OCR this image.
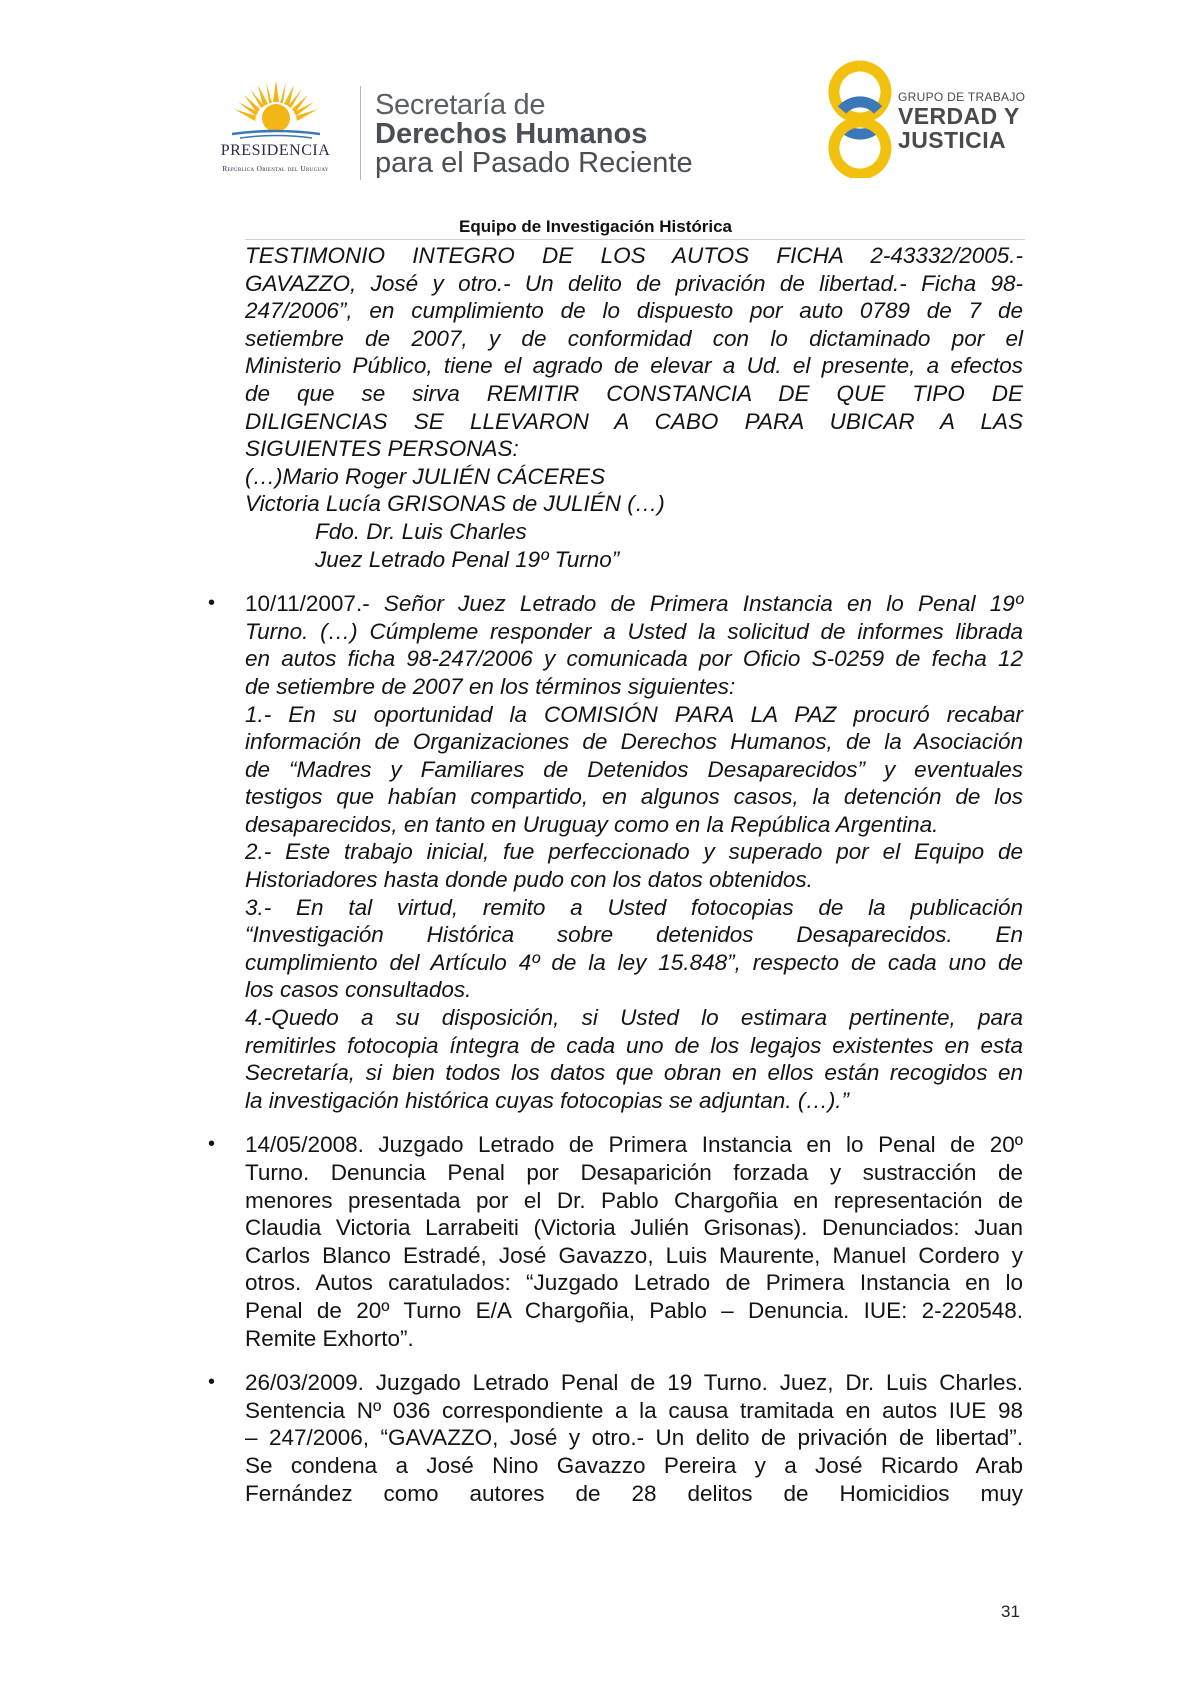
PRESIDENCIA
República Oriental del Uruguay
Secretaría de
Derechos Humanos
para el Pasado Reciente
GRUPO DE TRABAJO
VERDAD Y
JUSTICIA
Equipo de Investigación Histórica
TESTIMONIO INTEGRO DE LOS AUTOS FICHA 2-43332/2005.-
GAVAZZO, José y otro.- Un delito de privación de libertad.- Ficha 98-
247/2006”, en cumplimiento de lo dispuesto por auto 0789 de 7 de
setiembre de 2007, y de conformidad con lo dictaminado por el
Ministerio Público, tiene el agrado de elevar a Ud. el presente, a efectos
de que se sirva REMITIR CONSTANCIA DE QUE TIPO DE
DILIGENCIAS SE LLEVARON A CABO PARA UBICAR A LAS
SIGUIENTES PERSONAS:
(…)Mario Roger JULIÉN CÁCERES
Victoria Lucía GRISONAS de JULIÉN (…)
Fdo. Dr. Luis Charles
Juez Letrado Penal 19º Turno”
• 10/11/2007.- Señor Juez Letrado de Primera Instancia en lo Penal 19º
Turno. (…) Cúmpleme responder a Usted la solicitud de informes librada
en autos ficha 98-247/2006 y comunicada por Oficio S-0259 de fecha 12
de setiembre de 2007 en los términos siguientes:
1.- En su oportunidad la COMISIÓN PARA LA PAZ procuró recabar
información de Organizaciones de Derechos Humanos, de la Asociación
de “Madres y Familiares de Detenidos Desaparecidos” y eventuales
testigos que habían compartido, en algunos casos, la detención de los
desaparecidos, en tanto en Uruguay como en la República Argentina.
2.- Este trabajo inicial, fue perfeccionado y superado por el Equipo de
Historiadores hasta donde pudo con los datos obtenidos.
3.- En tal virtud, remito a Usted fotocopias de la publicación
“Investigación Histórica sobre detenidos Desaparecidos. En
cumplimiento del Artículo 4º de la ley 15.848”, respecto de cada uno de
los casos consultados.
4.-Quedo a su disposición, si Usted lo estimara pertinente, para
remitirles fotocopia íntegra de cada uno de los legajos existentes en esta
Secretaría, si bien todos los datos que obran en ellos están recogidos en
la investigación histórica cuyas fotocopias se adjuntan. (…).”
• 14/05/2008. Juzgado Letrado de Primera Instancia en lo Penal de 20º
Turno. Denuncia Penal por Desaparición forzada y sustracción de
menores presentada por el Dr. Pablo Chargoñia en representación de
Claudia Victoria Larrabeiti (Victoria Julién Grisonas). Denunciados: Juan
Carlos Blanco Estradé, José Gavazzo, Luis Maurente, Manuel Cordero y
otros. Autos caratulados: “Juzgado Letrado de Primera Instancia en lo
Penal de 20º Turno E/A Chargoñia, Pablo – Denuncia. IUE: 2-220548.
Remite Exhorto”.
• 26/03/2009. Juzgado Letrado Penal de 19 Turno. Juez, Dr. Luis Charles.
Sentencia Nº 036 correspondiente a la causa tramitada en autos IUE 98
– 247/2006, “GAVAZZO, José y otro.- Un delito de privación de libertad”.
Se condena a José Nino Gavazzo Pereira y a José Ricardo Arab
Fernández como autores de 28 delitos de Homicidios muy
31
